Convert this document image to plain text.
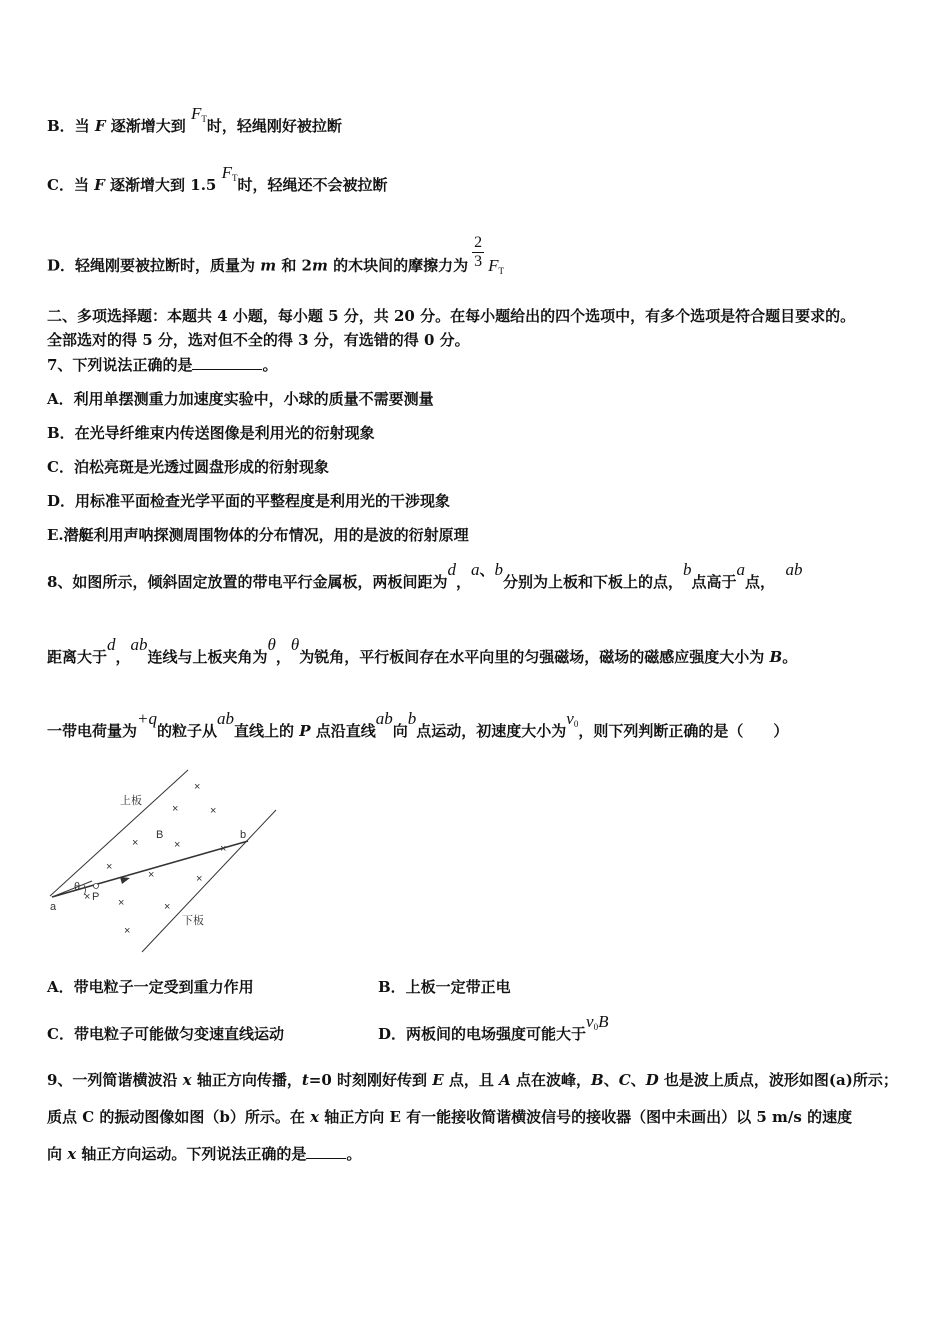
B．当 F 逐渐增大到 FT时，轻绳刚好被拉断
C．当 F 逐渐增大到 1.5 FT时，轻绳还不会被拉断
D．轻绳刚要被拉断时，质量为 m 和 2m 的木块间的摩擦力为 $\frac{2}{3}$ FT
二、多项选择题：本题共 4 小题，每小题 5 分，共 20 分。在每小题给出的四个选项中，有多个选项是符合题目要求的。
全部选对的得 5 分，选对但不全的得 3 分，有选错的得 0 分。
7、下列说法正确的是	。
A．利用单摆测重力加速度实验中，小球的质量不需要测量
B．在光导纤维束内传送图像是利用光的衍射现象
C．泊松亮斑是光透过圆盘形成的衍射现象
D．用标准平面检查光学平面的平整程度是利用光的干涉现象
E.潜艇利用声呐探测周围物体的分布情况，用的是波的衍射原理
8、如图所示，倾斜固定放置的带电平行金属板，两板间距为d，a、b分别为上板和下板上的点，b点高于a点，  ab
距离大于d，ab连线与上板夹角为θ，θ为锐角，平行板间存在水平向里的匀强磁场，磁场的磁感应强度大小为 B。
一带电荷量为+q的粒子从ab直线上的 P 点沿直线ab向b点运动，初速度大小为v0，则下列判断正确的是（　　）
上板
下板
B
a
b
P
θ
×
×	×
×	×	×
×
×	×
×	×	×
×
A．带电粒子一定受到重力作用	B．上板一定带正电
C．带电粒子可能做匀变速直线运动	D．两板间的电场强度可能大于v0B
9、一列简谐横波沿 x 轴正方向传播，t=0 时刻刚好传到 E 点，且 A 点在波峰，B、C、D 也是波上质点，波形如图(a)所示；
质点 C 的振动图像如图（b）所示。在 x 轴正方向 E 有一能接收简谐横波信号的接收器（图中未画出）以 5 m/s 的速度
向 x 轴正方向运动。下列说法正确的是	。
